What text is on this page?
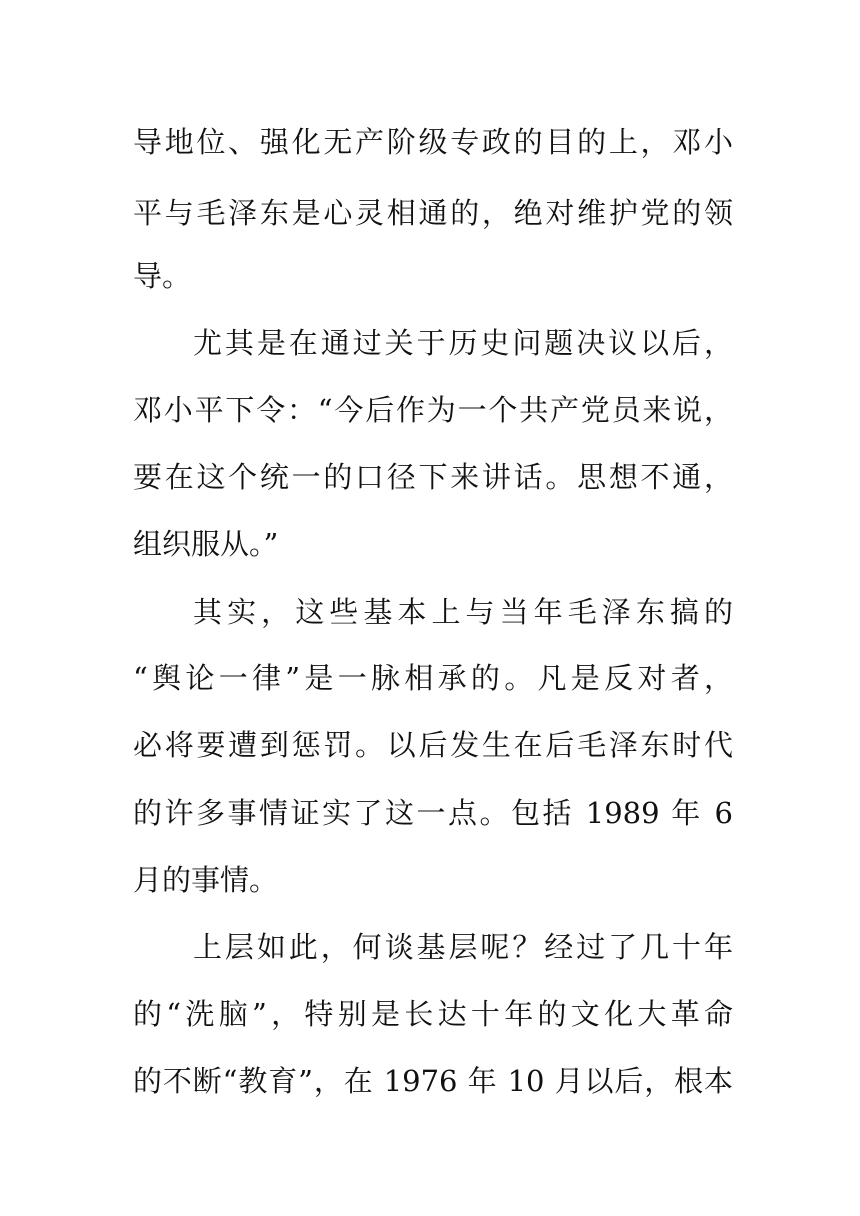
导地位、强化无产阶级专政的目的上，邓小
平与毛泽东是心灵相通的，绝对维护党的领
导。
尤其是在通过关于历史问题决议以后，
邓小平下令：“今后作为一个共产党员来说，
要在这个统一的口径下来讲话。思想不通，
组织服从。”
其实，这些基本上与当年毛泽东搞的
“舆论一律”是一脉相承的。凡是反对者，
必将要遭到惩罚。以后发生在后毛泽东时代
的许多事情证实了这一点。包括 1989 年 6
月的事情。
上层如此，何谈基层呢？经过了几十年
的“洗脑”，特别是长达十年的文化大革命
的不断“教育”，在 1976 年 10 月以后，根本
